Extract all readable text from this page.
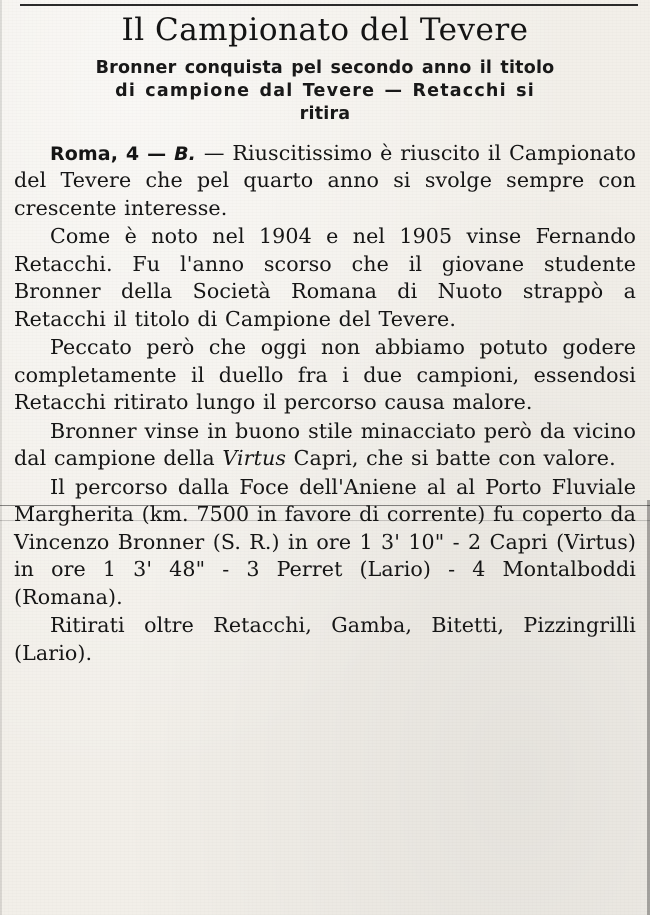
Il Campionato del Tevere
Bronner conquista pel secondo anno il titolo
di campione dal Tevere — Retacchi si
ritira

Roma, 4 — B. — Riuscitissimo è riuscito il Campionato del Tevere che pel quarto anno si svolge sempre con crescente interesse.

Come è noto nel 1904 e nel 1905 vinse Fernando Retacchi. Fu l'anno scorso che il giovane studente Bronner della Società Romana di Nuoto strappò a Retacchi il titolo di Campione del Tevere.

Peccato però che oggi non abbiamo potuto godere completamente il duello fra i due campioni, essendosi Retacchi ritirato lungo il percorso causa malore.

Bronner vinse in buono stile minacciato però da vicino dal campione della Virtus Capri, che si batte con valore.

Il percorso dalla Foce dell'Aniene al al Porto Fluviale Margherita (km. 7500 in favore di corrente) fu coperto da Vincenzo Bronner (S. R.) in ore 1 3' 10" - 2 Capri (Virtus) in ore 1 3' 48" - 3 Perret (Lario) - 4 Montalboddi (Romana).

Ritirati oltre Retacchi, Gamba, Bitetti, Pizzingrilli (Lario).
